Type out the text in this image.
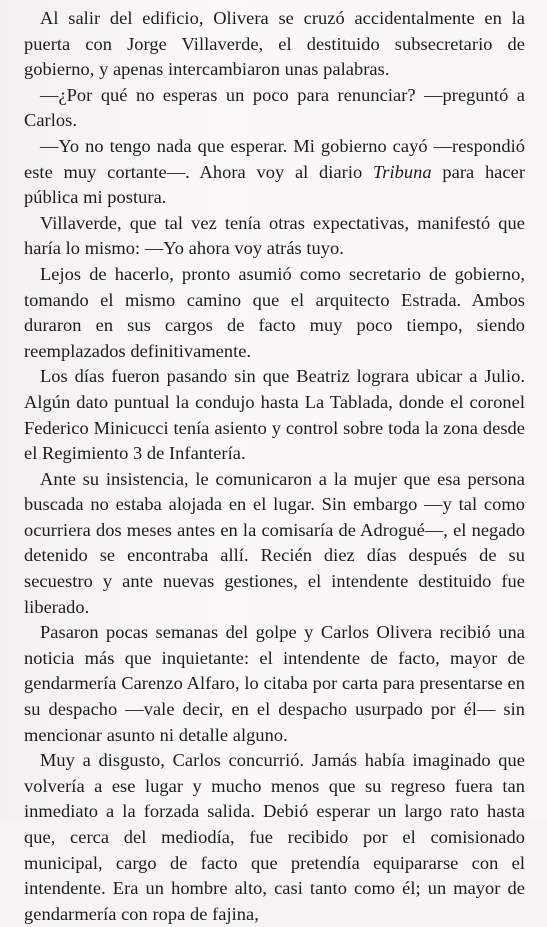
Al salir del edificio, Olivera se cruzó accidentalmente en la puerta con Jorge Villaverde, el destituido subsecretario de gobierno, y apenas intercambiaron unas palabras.

—¿Por qué no esperas un poco para renunciar? —preguntó a Carlos.

—Yo no tengo nada que esperar. Mi gobierno cayó —respondió este muy cortante—. Ahora voy al diario Tribuna para hacer pública mi postura.

Villaverde, que tal vez tenía otras expectativas, manifestó que haría lo mismo: —Yo ahora voy atrás tuyo.

Lejos de hacerlo, pronto asumió como secretario de gobierno, tomando el mismo camino que el arquitecto Estrada. Ambos duraron en sus cargos de facto muy poco tiempo, siendo reemplazados definitivamente.

Los días fueron pasando sin que Beatriz lograra ubicar a Julio. Algún dato puntual la condujo hasta La Tablada, donde el coronel Federico Minicucci tenía asiento y control sobre toda la zona desde el Regimiento 3 de Infantería.

Ante su insistencia, le comunicaron a la mujer que esa persona buscada no estaba alojada en el lugar. Sin embargo —y tal como ocurriera dos meses antes en la comisaría de Adrogué—, el negado detenido se encontraba allí. Recién diez días después de su secuestro y ante nuevas gestiones, el intendente destituido fue liberado.

Pasaron pocas semanas del golpe y Carlos Olivera recibió una noticia más que inquietante: el intendente de facto, mayor de gendarmería Carenzo Alfaro, lo citaba por carta para presentarse en su despacho —vale decir, en el despacho usurpado por él— sin mencionar asunto ni detalle alguno.

Muy a disgusto, Carlos concurrió. Jamás había imaginado que volvería a ese lugar y mucho menos que su regreso fuera tan inmediato a la forzada salida. Debió esperar un largo rato hasta que, cerca del mediodía, fue recibido por el comisionado municipal, cargo de facto que pretendía equipararse con el intendente. Era un hombre alto, casi tanto como él; un mayor de gendarmería con ropa de fajina,
